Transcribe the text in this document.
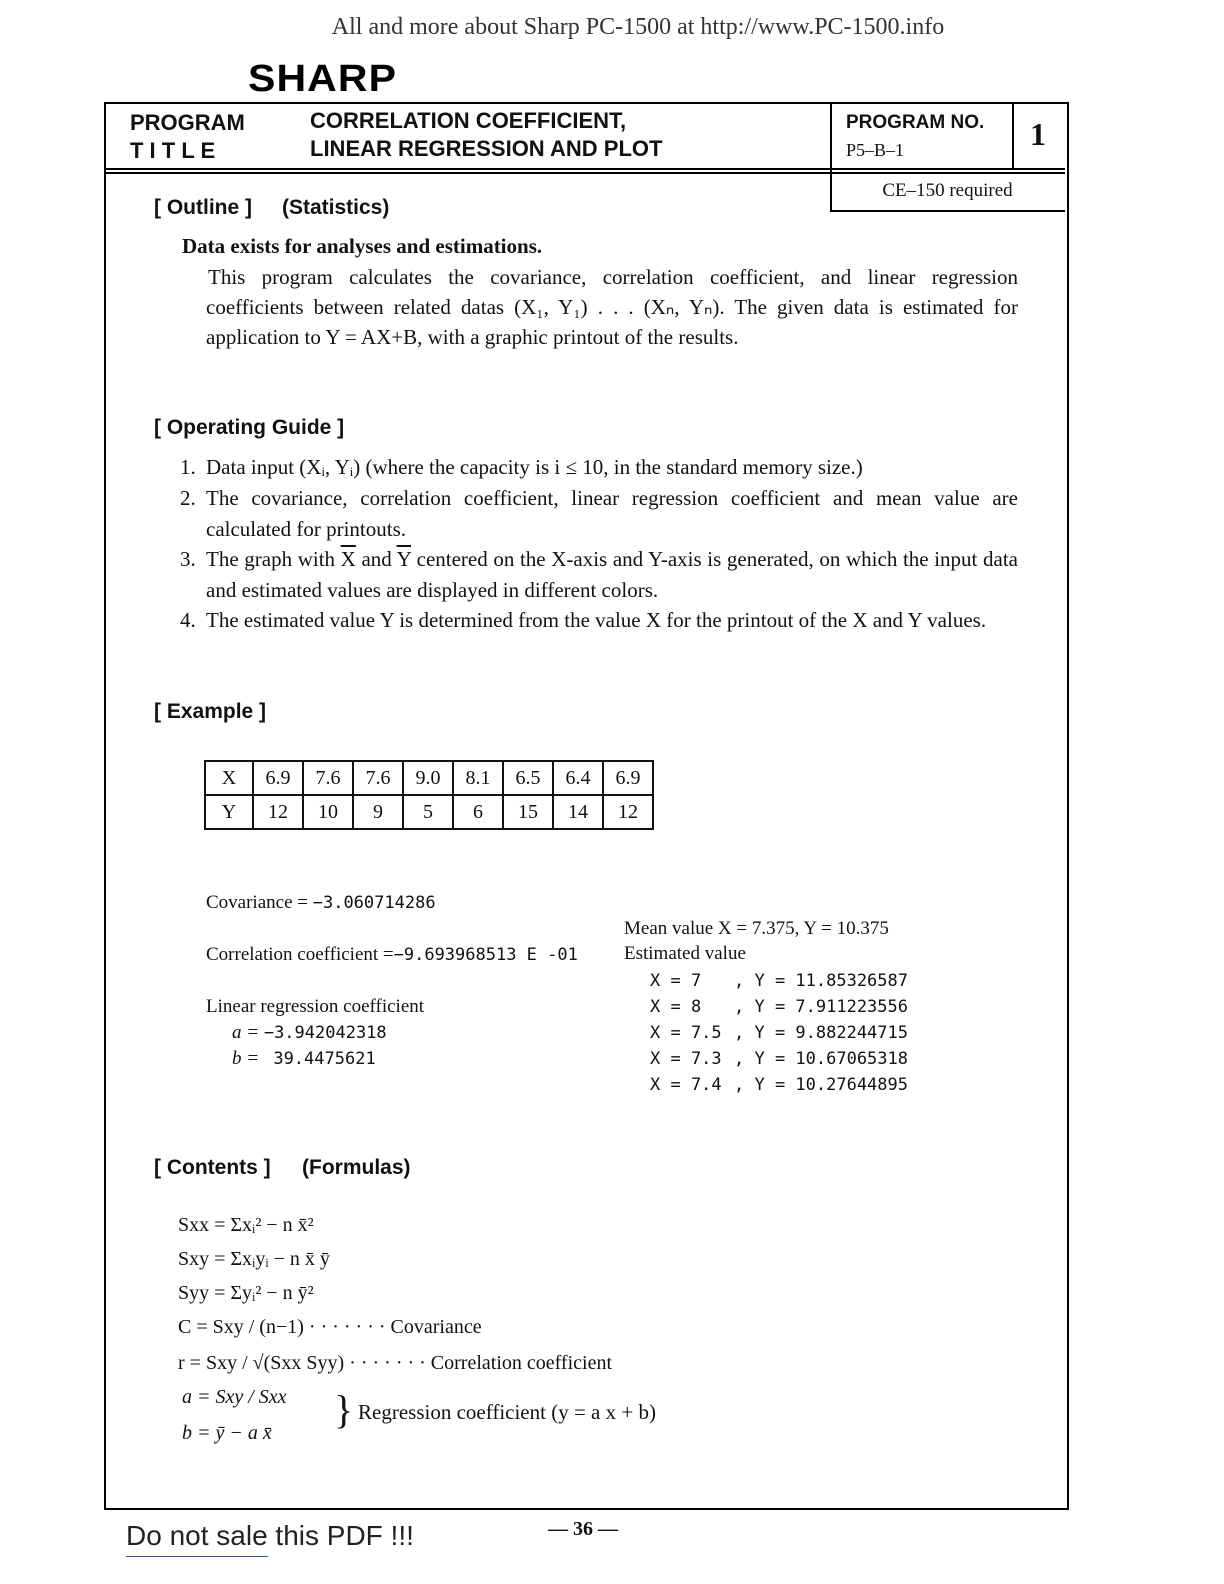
All and more about Sharp PC-1500 at http://www.PC-1500.info
SHARP
PROGRAM
T I T L E
CORRELATION COEFFICIENT,
LINEAR REGRESSION AND PLOT
PROGRAM NO.
P5–B–1	1
CE–150 required
[ Outline ] (Statistics)
Data exists for analyses and estimations.
This program calculates the covariance, correlation coefficient, and linear regression coefficients between related datas (X₁, Y₁) . . . (Xₙ, Yₙ). The given data is estimated for application to Y = AX+B, with a graphic printout of the results.
[ Operating Guide ]
1. Data input (Xᵢ, Yᵢ) (where the capacity is i ≤ 10, in the standard memory size.)
2. The covariance, correlation coefficient, linear regression coefficient and mean value are calculated for printouts.
3. The graph with $\overline{X}$ and $\overline{Y}$ centered on the X-axis and Y-axis is generated, on which the input data and estimated values are displayed in different colors.
4. The estimated value Y is determined from the value X for the printout of the X and Y values.
[ Example ]
X	6.9	7.6	7.6	9.0	8.1	6.5	6.4	6.9
Y	12	10	9	5	6	15	14	12
Covariance = −3.060714286
Correlation coefficient =−9.693968513 E -01
Linear regression coefficient
a = −3.942042318
b = 39.4475621
Mean value X = 7.375, Y = 10.375
Estimated value
X = 7 , Y = 11.85326587
X = 8 , Y = 7.911223556
X = 7.5 , Y = 9.882244715
X = 7.3 , Y = 10.67065318
X = 7.4 , Y = 10.27644895
[ Contents ] (Formulas)
Sxx = Σxᵢ² − n x̄²
Sxy = Σxᵢyᵢ − n x̄ ȳ
Syy = Σyᵢ² − n ȳ²
C = Sxy / (n−1) · · · · · · · Covariance
r = Sxy / √(Sxx Syy) · · · · · · · Correlation coefficient
a = Sxy / Sxx
b = ȳ − a x̄
} Regression coefficient (y = a x + b)
Do not sale this PDF !!!	— 36 —
